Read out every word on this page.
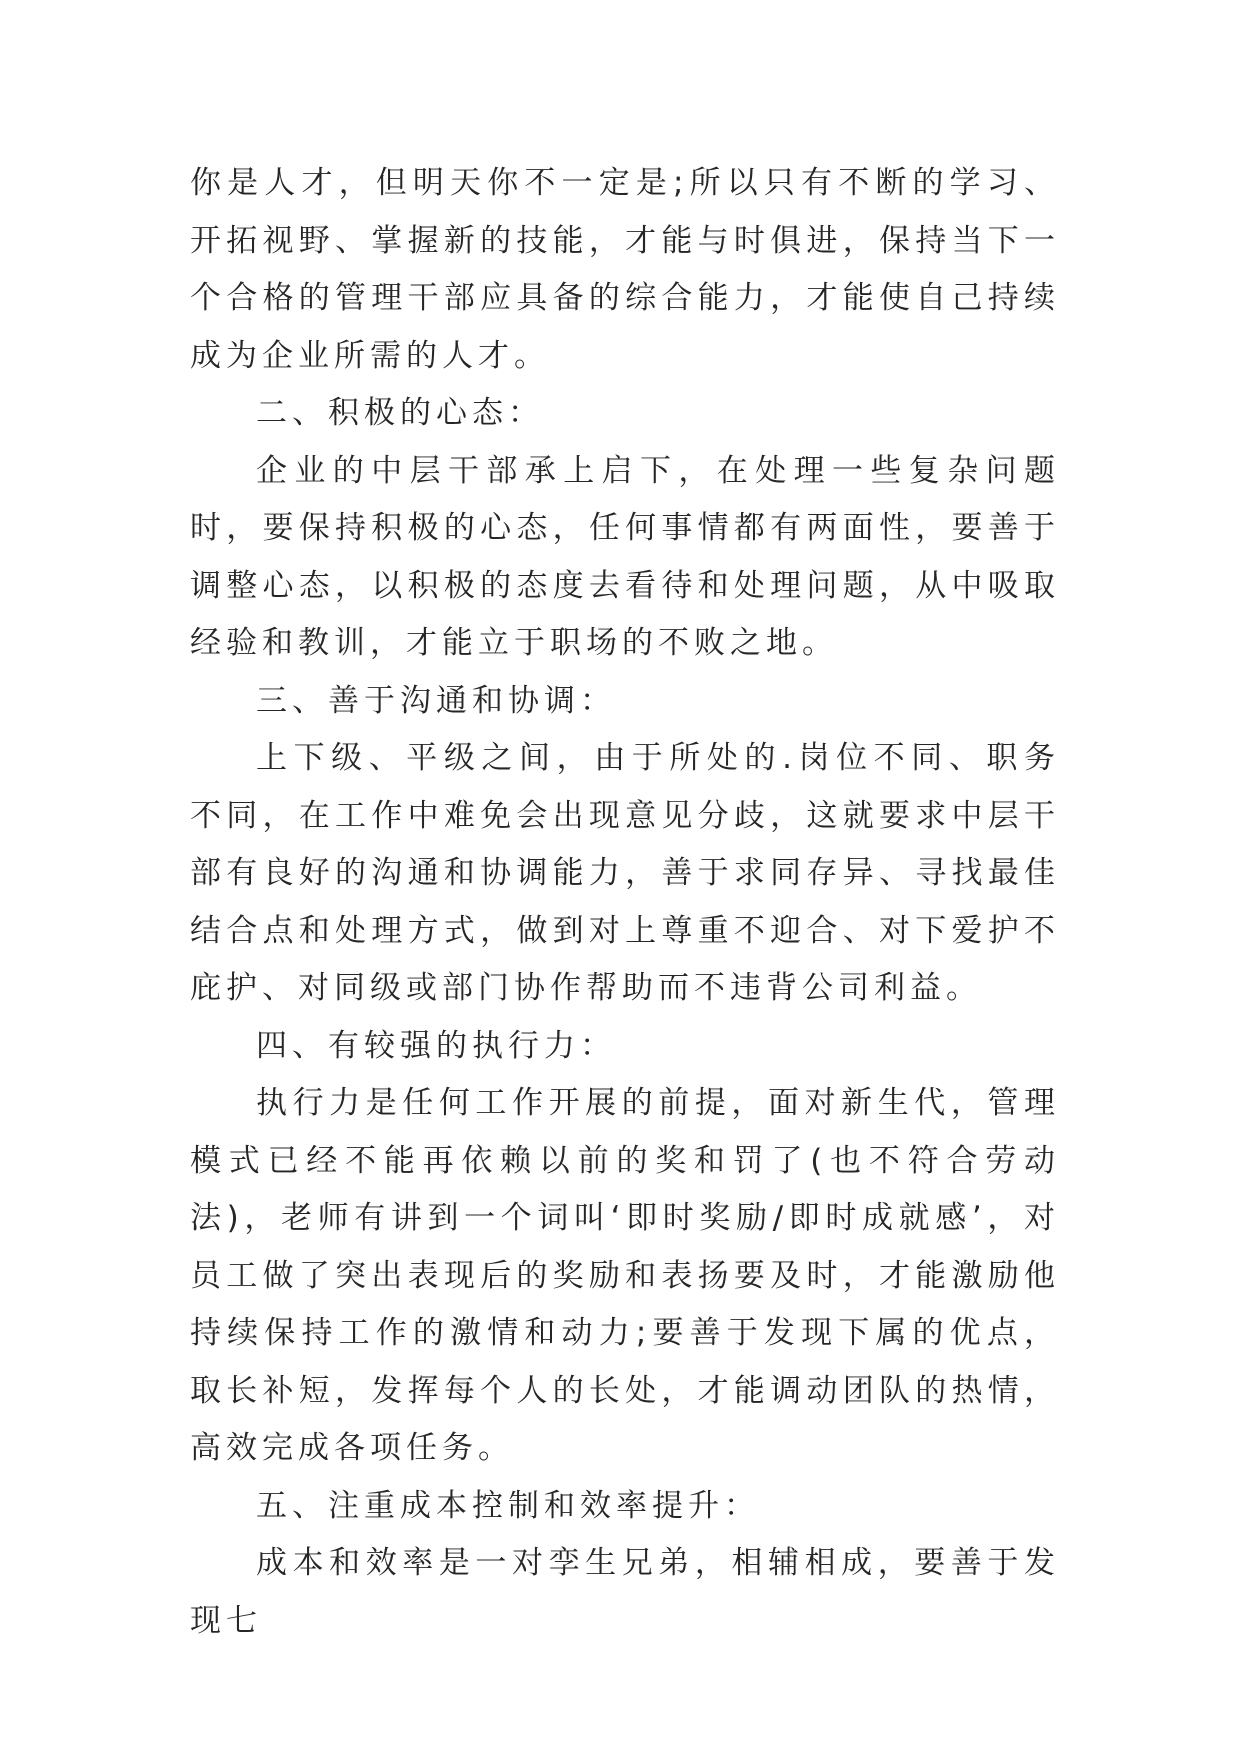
你是人才，但明天你不一定是;所以只有不断的学习、开拓视野、掌握新的技能，才能与时俱进，保持当下一个合格的管理干部应具备的综合能力，才能使自己持续成为企业所需的人才。

二、积极的心态：

企业的中层干部承上启下，在处理一些复杂问题时，要保持积极的心态，任何事情都有两面性，要善于调整心态，以积极的态度去看待和处理问题，从中吸取经验和教训，才能立于职场的不败之地。

三、善于沟通和协调：

上下级、平级之间，由于所处的.岗位不同、职务不同，在工作中难免会出现意见分歧，这就要求中层干部有良好的沟通和协调能力，善于求同存异、寻找最佳结合点和处理方式，做到对上尊重不迎合、对下爱护不庇护、对同级或部门协作帮助而不违背公司利益。

四、有较强的执行力：

执行力是任何工作开展的前提，面对新生代，管理模式已经不能再依赖以前的奖和罚了(也不符合劳动法)，老师有讲到一个词叫‘即时奖励/即时成就感’，对员工做了突出表现后的奖励和表扬要及时，才能激励他持续保持工作的激情和动力;要善于发现下属的优点，取长补短，发挥每个人的长处，才能调动团队的热情，高效完成各项任务。

五、注重成本控制和效率提升：

成本和效率是一对孪生兄弟，相辅相成，要善于发现七
